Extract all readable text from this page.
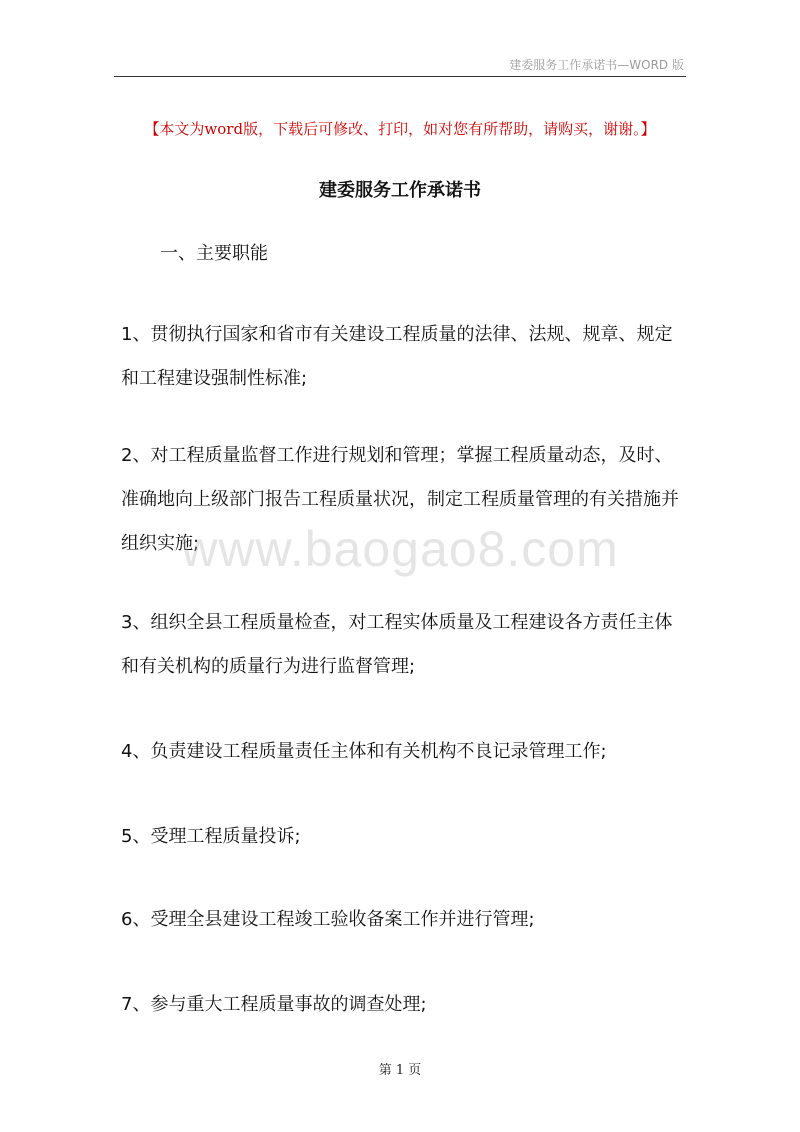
建委服务工作承诺书—WORD 版
【本文为word版，下载后可修改、打印，如对您有所帮助，请购买，谢谢。】
建委服务工作承诺书
一、主要职能

1、贯彻执行国家和省市有关建设工程质量的法律、法规、规章、规定和工程建设强制性标准;

2、对工程质量监督工作进行规划和管理；掌握工程质量动态，及时、准确地向上级部门报告工程质量状况，制定工程质量管理的有关措施并组织实施;

3、组织全县工程质量检查，对工程实体质量及工程建设各方责任主体和有关机构的质量行为进行监督管理;

4、负责建设工程质量责任主体和有关机构不良记录管理工作;

5、受理工程质量投诉;

6、受理全县建设工程竣工验收备案工作并进行管理;

7、参与重大工程质量事故的调查处理;

www.baogao8.com
第 1 页
